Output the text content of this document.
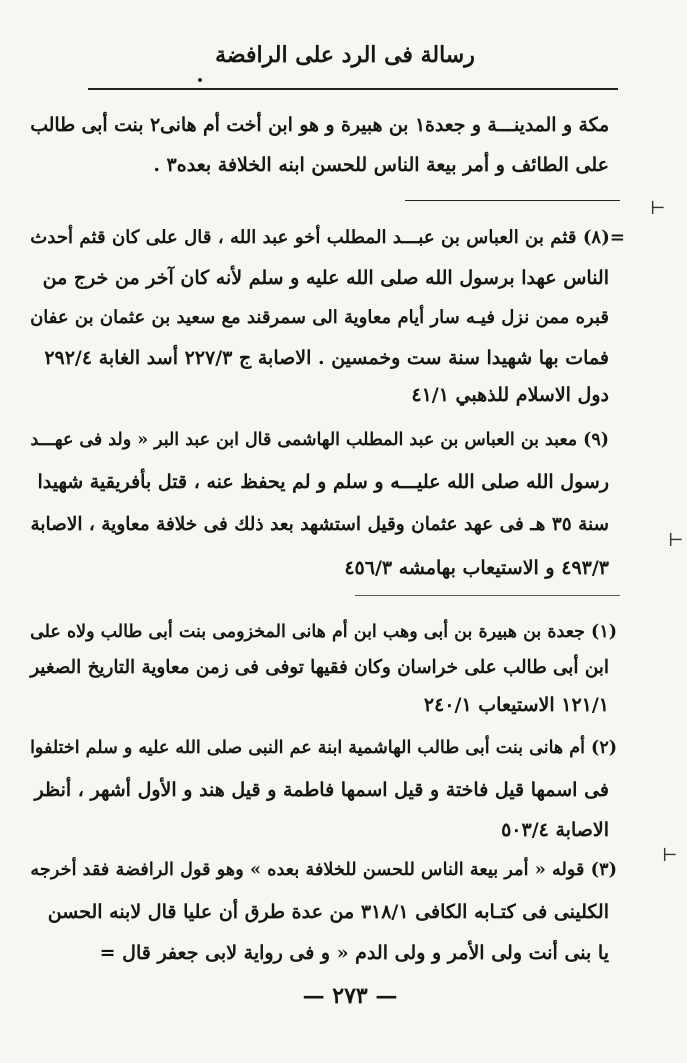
رسالة فى الرد على الرافضة
مكة و المدينـــة و جعدة١ بن هبيرة و هو ابن أخت أم هانى٢ بنت أبى طالب
على الطائف و أمر بيعة الناس للحسن ابنه الخلافة بعده٣ .
=(٨) قثم بن العباس بن عبـــد المطلب أخو عبد الله ، قال على كان قثم أحدث
الناس عهدا برسول الله صلى الله عليه و سلم لأنه كان آخر من خرج من
قبره ممن نزل فيـه سار أيام معاوية الى سمرقند مع سعيد بن عثمان بن عفان
فمات بها شهيدا سنة ست وخمسين . الاصابة ج ٢٢٧/٣ أسد الغابة ٢٩٢/٤
دول الاسلام للذهبي ٤١/١
(٩) معبد بن العباس بن عبد المطلب الهاشمى قال ابن عبد البر « ولد فى عهـــد
رسول الله صلى الله عليـــه و سلم و لم يحفظ عنه ، قتل بأفريقية شهيدا
سنة ٣٥ هـ فى عهد عثمان وقيل استشهد بعد ذلك فى خلافة معاوية ، الاصابة
٤٩٣/٣ و الاستيعاب بهامشه ٤٥٦/٣
(١) جعدة بن هبيرة بن أبى وهب ابن أم هانى المخزومى بنت أبى طالب ولاه على
ابن أبى طالب على خراسان وكان فقيها توفى فى زمن معاوية التاريخ الصغير
١٢١/١ الاستيعاب ٢٤٠/١
(٢) أم هانى بنت أبى طالب الهاشمية ابنة عم النبى صلى الله عليه و سلم اختلفوا
فى اسمها قيل فاختة و قيل اسمها فاطمة و قيل هند و الأول أشهر ، أنظر
الاصابة ٥٠٣/٤
(٣) قوله « أمر بيعة الناس للحسن للخلافة بعده » وهو قول الرافضة فقد أخرجه
الكلينى فى كتـابه الكافى ٣١٨/١ من عدة طرق أن عليا قال لابنه الحسن
يا بنى أنت ولى الأمر و ولى الدم « و فى رواية لابى جعفر قال =
— ٢٧٣ —
⊢
⊢
⊢
